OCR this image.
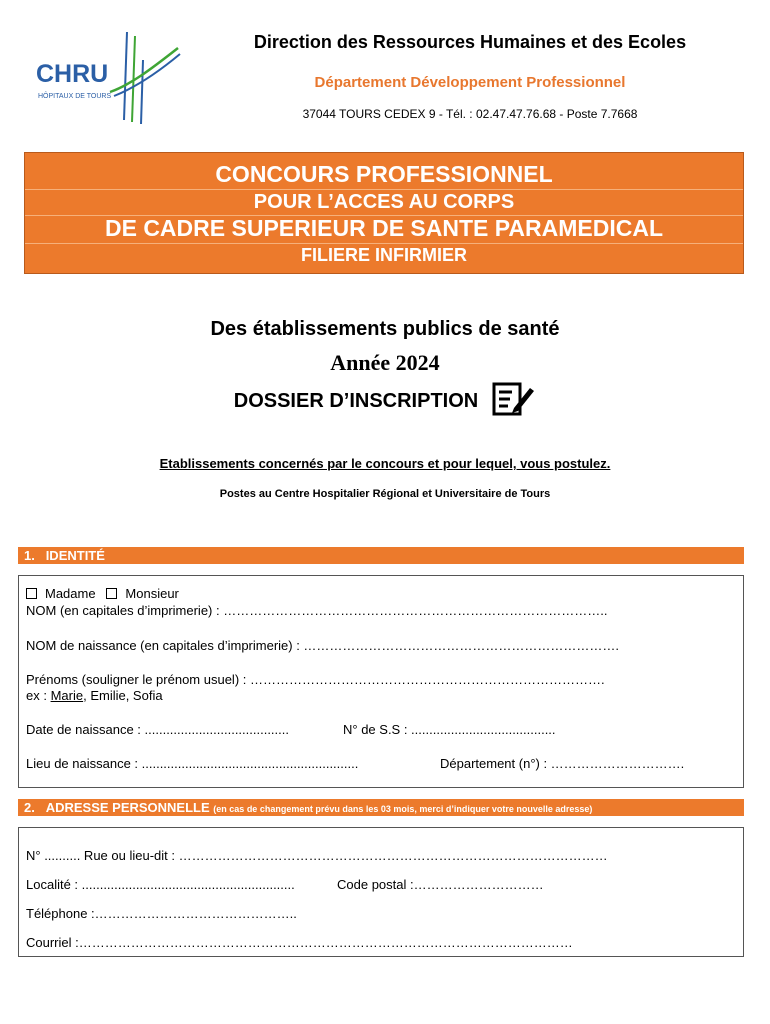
CHRU
HÔPITAUX DE TOURS
Direction des Ressources Humaines et des Ecoles
Département Développement Professionnel
37044 TOURS CEDEX 9 - Tél. : 02.47.47.76.68 - Poste 7.7668
CONCOURS PROFESSIONNEL
POUR L’ACCES AU CORPS
DE CADRE SUPERIEUR DE SANTE PARAMEDICAL
FILIERE INFIRMIER
Des établissements publics de santé
Année 2024
DOSSIER D’INSCRIPTION
Etablissements concernés par le concours et pour lequel, vous postulez.
Postes au Centre Hospitalier Régional et Universitaire de Tours
1. IDENTITÉ
Madame Monsieur
NOM (en capitales d’imprimerie) : ……………………………………………………………………………..
NOM de naissance (en capitales d’imprimerie) : ……………………………………………………………….
Prénoms (souligner le prénom usuel) : ……………………………………………………………………….
ex : Marie, Emilie, Sofia
Date de naissance : ........................................	N° de S.S : ........................................
Lieu de naissance : ............................................................	Département (n°) : ………………………….
2. ADRESSE PERSONNELLE (en cas de changement prévu dans les 03 mois, merci d’indiquer votre nouvelle adresse)
N° .......... Rue ou lieu-dit : ………………………………………………………………………………………
Localité : ...........................................................	Code postal :…………………………
Téléphone :………………………………………..
Courriel :……………………………………………………………………………………………………
